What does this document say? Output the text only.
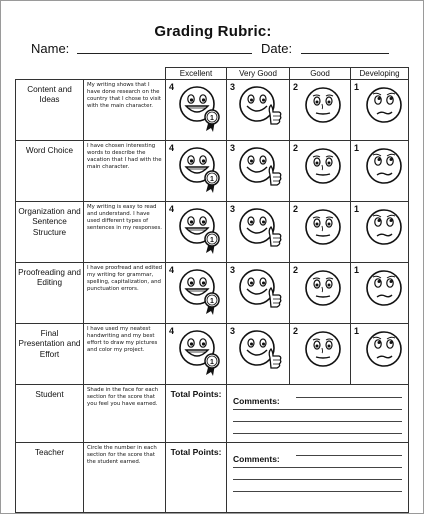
Grading Rubric:
Name:	Date:
		Excellent	Very Good	Good	Developing
Content and Ideas	My writing shows that I have done research on the country that I chose to visit with the main character.	4	3	2	1

Word Choice	I have chosen interesting words to describe the vacation that I had with the main character.	4	3	2	1

Organization and Sentence Structure	My writing is easy to read and understand. I have used different types of sentences in my responses.	4	3	2	1

Proofreading and Editing	I have proofread and edited my writing for grammar, spelling, capitalization, and punctuation errors.	4	3	2	1

Final Presentation and Effort	I have used my neatest handwriting and my best effort to draw my pictures and color my project.	4	3	2	1

Student	Shade in the face for each section for the score that you feel you have earned.	Total Points:	Comments:		

Teacher	Circle the number in each section for the score that the student earned.	Total Points:	Comments:		
